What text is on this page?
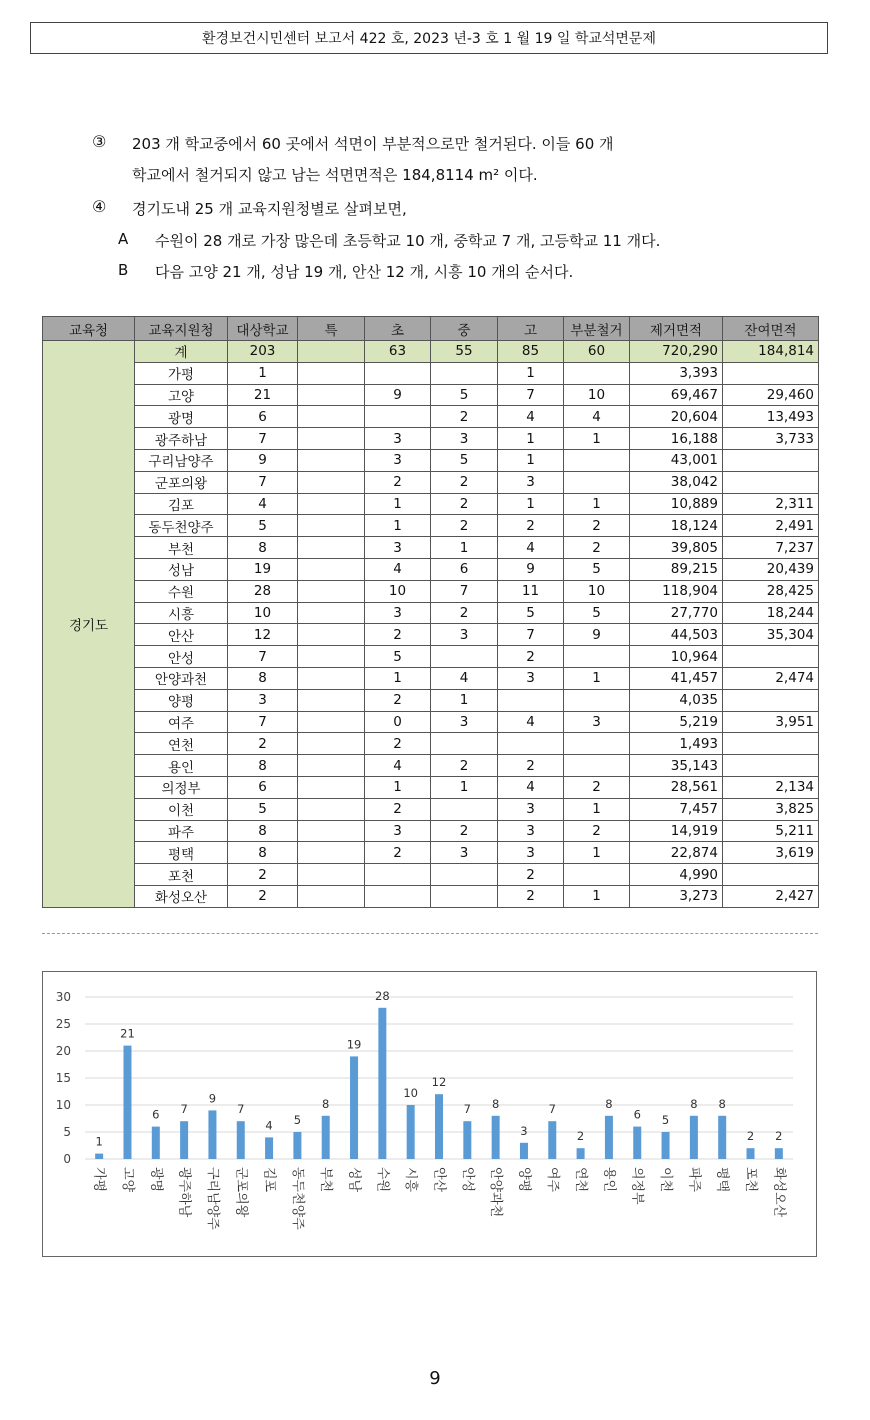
환경보건시민센터 보고서 422 호, 2023 년-3 호 1 월 19 일 학교석면문제
③ 203 개 학교중에서 60 곳에서 석면이 부분적으로만 철거된다. 이들 60 개
학교에서 철거되지 않고 남는 석면면적은 184,8114 m² 이다.
④ 경기도내 25 개 교육지원청별로 살펴보면,
A 수원이 28 개로 가장 많은데 초등학교 10 개, 중학교 7 개, 고등학교 11 개다.
B 다음 고양 21 개, 성남 19 개, 안산 12 개, 시흥 10 개의 순서다.
교육청	교육지원청	대상학교	특	초	중	고	부분철거	제거면적	잔여면적
경기도	계	203		63	55	85	60	720,290	184,814
	가평	1				1		3,393	
	고양	21		9	5	7	10	69,467	29,460
	광명	6			2	4	4	20,604	13,493
	광주하남	7		3	3	1	1	16,188	3,733
	구리남양주	9		3	5	1		43,001	
	군포의왕	7		2	2	3		38,042	
	김포	4		1	2	1	1	10,889	2,311
	동두천양주	5		1	2	2	2	18,124	2,491
	부천	8		3	1	4	2	39,805	7,237
	성남	19		4	6	9	5	89,215	20,439
	수원	28		10	7	11	10	118,904	28,425
	시흥	10		3	2	5	5	27,770	18,244
	안산	12		2	3	7	9	44,503	35,304
	안성	7		5		2		10,964	
	안양과천	8		1	4	3	1	41,457	2,474
	양평	3		2	1			4,035	
	여주	7		0	3	4	3	5,219	3,951
	연천	2		2				1,493	
	용인	8		4	2	2		35,143	
	의정부	6		1	1	4	2	28,561	2,134
	이천	5		2		3	1	7,457	3,825
	파주	8		3	2	3	2	14,919	5,211
	평택	8		2	3	3	1	22,874	3,619
	포천	2				2		4,990	
	화성오산	2				2	1	3,273	2,427
0
5
10
15
20
25
30
1
가평
21
고양
6
광명
7
광주하남
9
구리남양주
7
군포의왕
4
김포
5
동두천양주
8
부천
19
성남
28
수원
10
시흥
12
안산
7
안성
8
안양과천
3
양평
7
여주
2
연천
8
용인
6
의정부
5
이천
8
파주
8
평택
2
포천
2
화성오산
9
